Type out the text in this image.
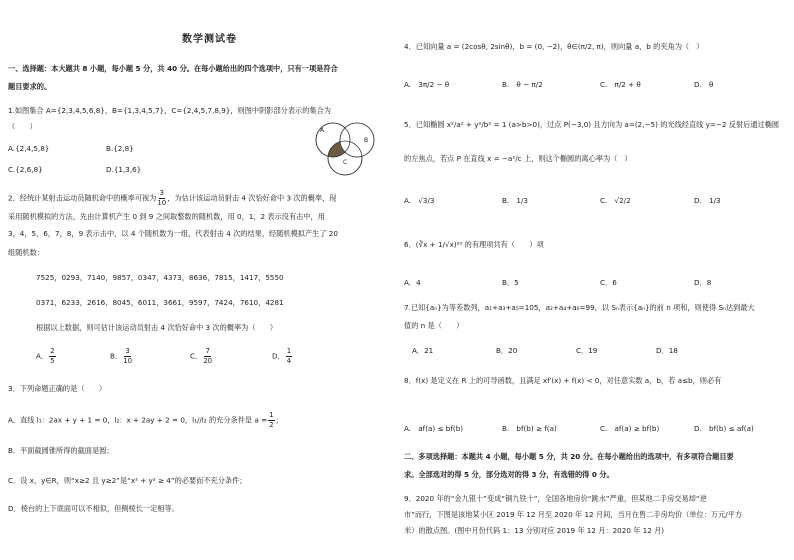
数学测试卷
一、选择题：本大题共 8 小题，每小题 5 分，共 40 分。在每小题给出的四个选项中，只有一项是符合
题目要求的。
1.如图集合 A={2,3,4,5,6,8}，B={1,3,4,5,7}，C={2,4,5,7,8,9}，则图中阴影部分表示的集合为
（　　）
A.{2,4,5,8}	B.{2,8}
C.{2,6,8}	D.{1,3,6}
A
B
C
2．经统计某射击运动员随机命中的概率可视为 $\frac{3}{10}$ ，为估计该运动员射击 4 次恰好命中 3 次的概率，现
采用随机模拟的方法，先由计算机产生 0 到 9 之间取整数的随机数，用 0，1，2 表示没有击中，用
3，4，5，6，7，8，9 表示击中，以 4 个随机数为一组，代表射击 4 次的结果，经随机模拟产生了 20
组随机数：
7525，0293，7140，9857，0347，4373，8636，7815，1417，5550
0371，6233，2616，8045，6011，3661，9597，7424，7610，4281
根据以上数据，则可估计该运动员射击 4 次恰好命中 3 次的概率为（　　）
A． $\frac{2}{5}$	B． $\frac{3}{10}$	C． $\frac{7}{20}$	D． $\frac{1}{4}$
3．下列命题正确的是（　　）
A．直线 l₁：2ax + y + 1 = 0，l₂：x + 2ay + 2 = 0，l₁//l₂ 的充分条件是 $a = \frac{1}{2}$ ；
B．平面截圆锥所得的截面是圆；
C．设 x，y∈R，则“x≥2 且 y≥2”是“x² + y² ≥ 4”的必要而不充分条件；
D．棱台的上下底面可以不相似，但侧棱长一定相等。
4．已知向量 a = (2cosθ, 2sinθ)，b = (0, −2)，θ∈(π/2, π)，则向量 a，b 的夹角为（　）
A.　3π/2 − θ	B.　θ − π/2	C.　π/2 + θ	D.　θ
5．已知椭圆 x²/a² + y²/b² = 1 (a>b>0)，过点 P(−3,0) 且方向为 a=(2,−5) 的光线经直线 y=−2 反射后通过椭圆
的左焦点，若点 P 在直线 x = −a²/c 上，则这个椭圆的离心率为（　）
A.　√3/3	B.　1/3	C.　√2/2	D.　1/3
6．(∛x + 1/√x)²⁰ 的有理项共有（　　）项
A．4	B．5	C．6	D．8
7.已知{aₙ}为等差数列，a₁+a₃+a₅=105，a₂+a₄+a₆=99，以 Sₙ表示{aₙ}的前 n 项和，则使得 Sₙ达到最大
值的 n 是（　　）
A．21	B．20	C．19	D．18
8．f(x) 是定义在 R 上的可导函数，且满足 xf′(x) + f(x) < 0，对任意实数 a，b，若 a≤b，则必有
A.　af(a) ≤ bf(b)	B.　bf(b) ≥ f(a)	C.　af(a) ≥ bf(b)	D.　bf(b) ≤ af(a)
二、多项选择题：本题共 4 小题，每小题 5 分，共 20 分。在每小题给出的选项中，有多项符合题目要
求。全部选对的得 5 分，部分选对的得 3 分，有选错的得 0 分。
9．2020 年的“金九银十”变成“铜九铁十”，全国各地房价“跳水”严重，但某地二手房交易却“逆
市”而行，下图是该地某小区 2019 年 12 月至 2020 年 12 月间，当月在售二手房均价（单位：万元/平方
米）的散点图。(图中月份代码 1：13 分别对应 2019 年 12 月：2020 年 12 月)
